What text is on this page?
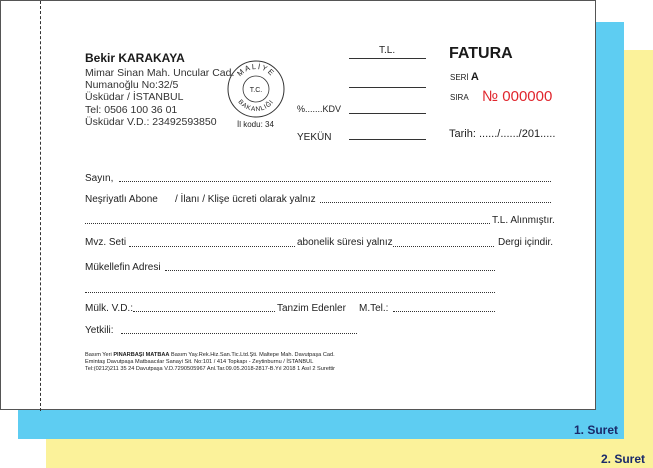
2. Suret
1. Suret
Bekir KARAKAYA
Mimar Sinan Mah. Uncular Cad.
Numanoğlu No:32/5
Üsküdar / İSTANBUL
Tel: 0506 100 36 01
Üsküdar V.D.: 23492593850
MALİYE
BAKANLIĞI
T.C.
İl kodu: 34
T.L.
%.......KDV
YEKÜN
FATURA
SERİ A
SIRA № 000000
Tarih: ....../....../201.....
Sayın,
Neşriyatlı Abone / İlanı / Klişe ücreti olarak yalnız
T.L. Alınmıştır.
Mvz. Seti	abonelik süresi yalnız	Dergi içindir.
Mükellefin Adresi
Mülk. V.D.:	Tanzim Edenler M.Tel.:
Yetkili:
Basım Yeri PINARBAŞI MATBAA Basım Yay.Rek.Hiz.San.Tic.Ltd.Şti. Maltepe Mah. Davutpaşa Cad.
Emintaş Davutpaşa Matbaacılar Sanayi Sit. No:101 / 414 Topkapı - Zeytinburnu / İSTANBUL
Tel:(0212)211 35 24 Davutpaşa V.D.7290505967 Anl.Tar.09.05.2018-2817-B.Yıl 2018 1 Asıl 2 Surettir
